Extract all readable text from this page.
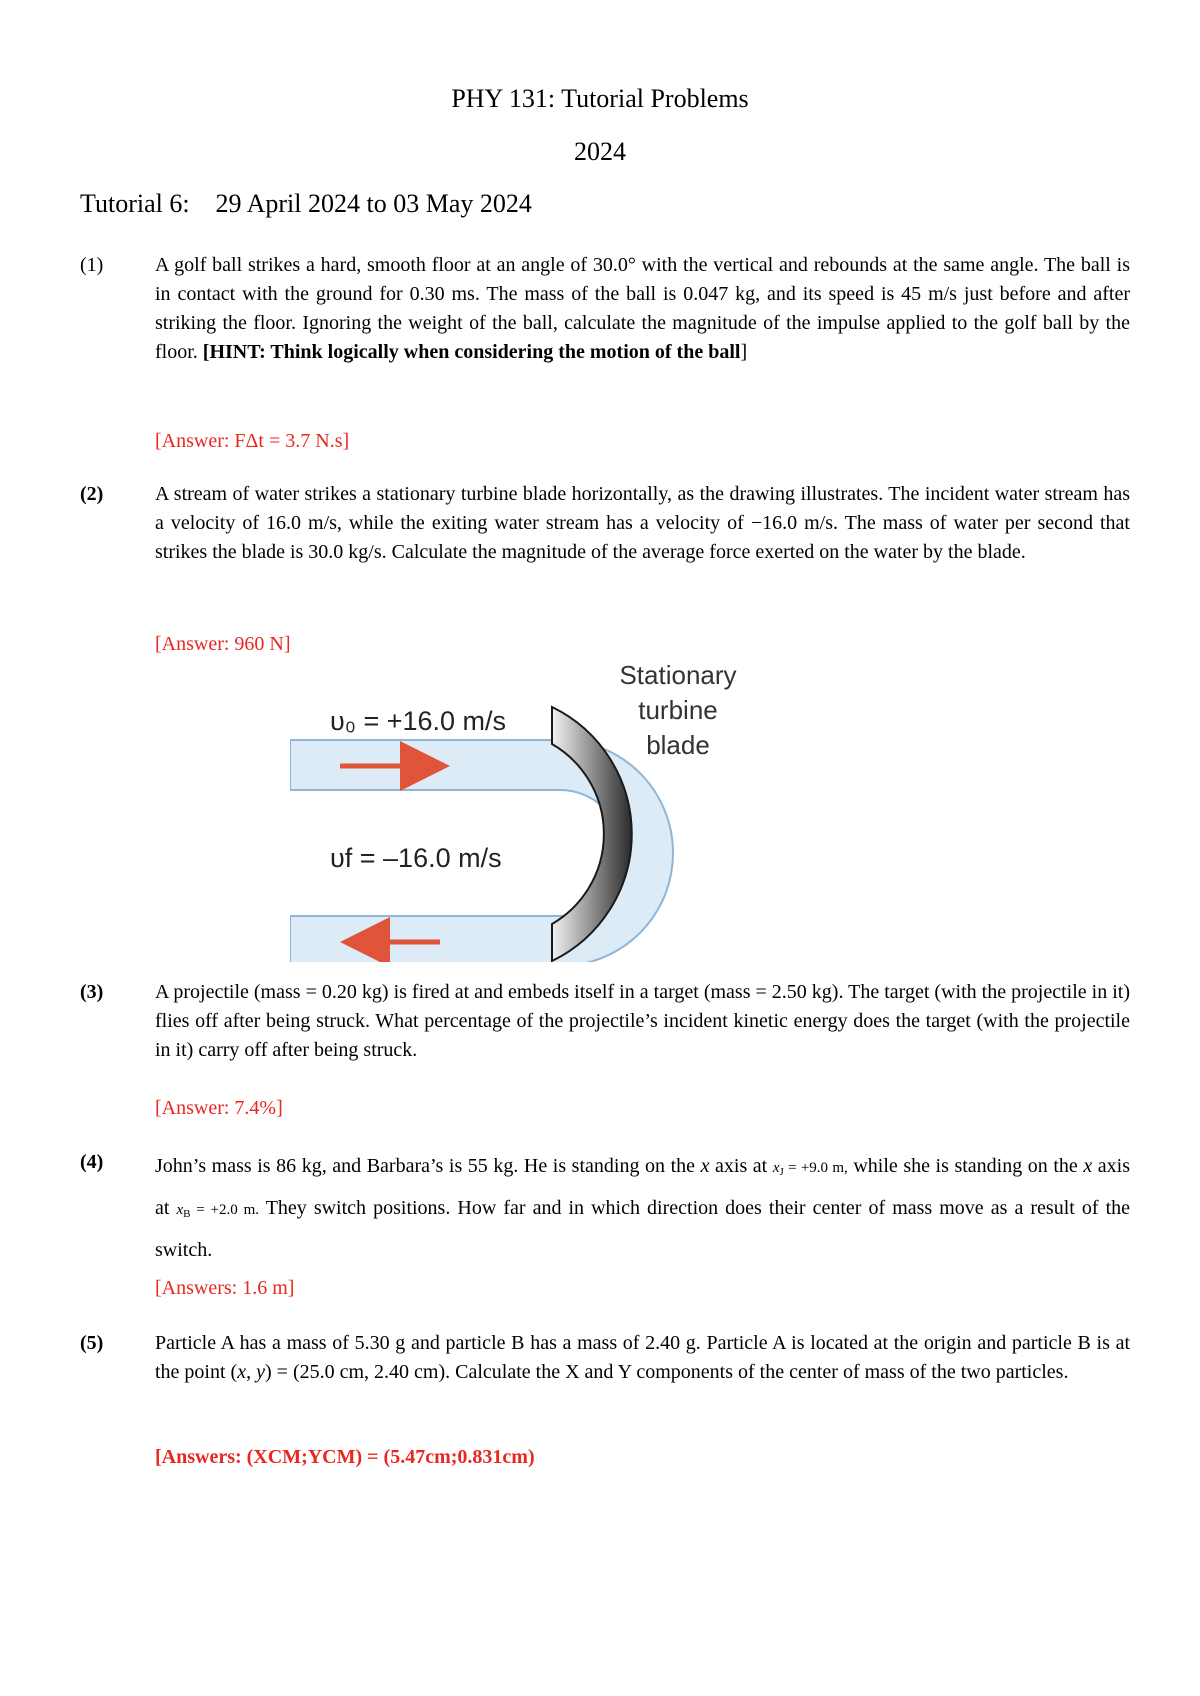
PHY 131: Tutorial Problems
2024
Tutorial 6:    29 April 2024 to 03 May 2024
(1)	A golf ball strikes a hard, smooth floor at an angle of 30.0° with the vertical and rebounds at the same angle. The ball is in contact with the ground for 0.30 ms. The mass of the ball is 0.047 kg, and its speed is 45 m/s just before and after striking the floor. Ignoring the weight of the ball, calculate the magnitude of the impulse applied to the golf ball by the floor. [HINT: Think logically when considering the motion of the ball]
[Answer: FΔt = 3.7 N.s]
(2)	A stream of water strikes a stationary turbine blade horizontally, as the drawing illustrates. The incident water stream has a velocity of 16.0 m/s, while the exiting water stream has a velocity of −16.0 m/s. The mass of water per second that strikes the blade is 30.0 kg/s. Calculate the magnitude of the average force exerted on the water by the blade.
[Answer: 960 N]
υ₀ = +16.0 m/s
υf = –16.0 m/s
Stationary
turbine
blade
(3)	A projectile (mass = 0.20 kg) is fired at and embeds itself in a target (mass = 2.50 kg). The target (with the projectile in it) flies off after being struck. What percentage of the projectile’s incident kinetic energy does the target (with the projectile in it) carry off after being struck.
[Answer: 7.4%]
(4)	John’s mass is 86 kg, and Barbara’s is 55 kg. He is standing on the x axis at $x_J = +9.0$ m, while she is standing on the x axis at $x_B = +2.0$ m. They switch positions. How far and in which direction does their center of mass move as a result of the switch.
[Answers: 1.6 m]
(5)	Particle A has a mass of 5.30 g and particle B has a mass of 2.40 g. Particle A is located at the origin and particle B is at the point (x, y) = (25.0 cm, 2.40 cm). Calculate the X and Y components of the center of mass of the two particles.
[Answers: (XCM;YCM) = (5.47cm;0.831cm)
